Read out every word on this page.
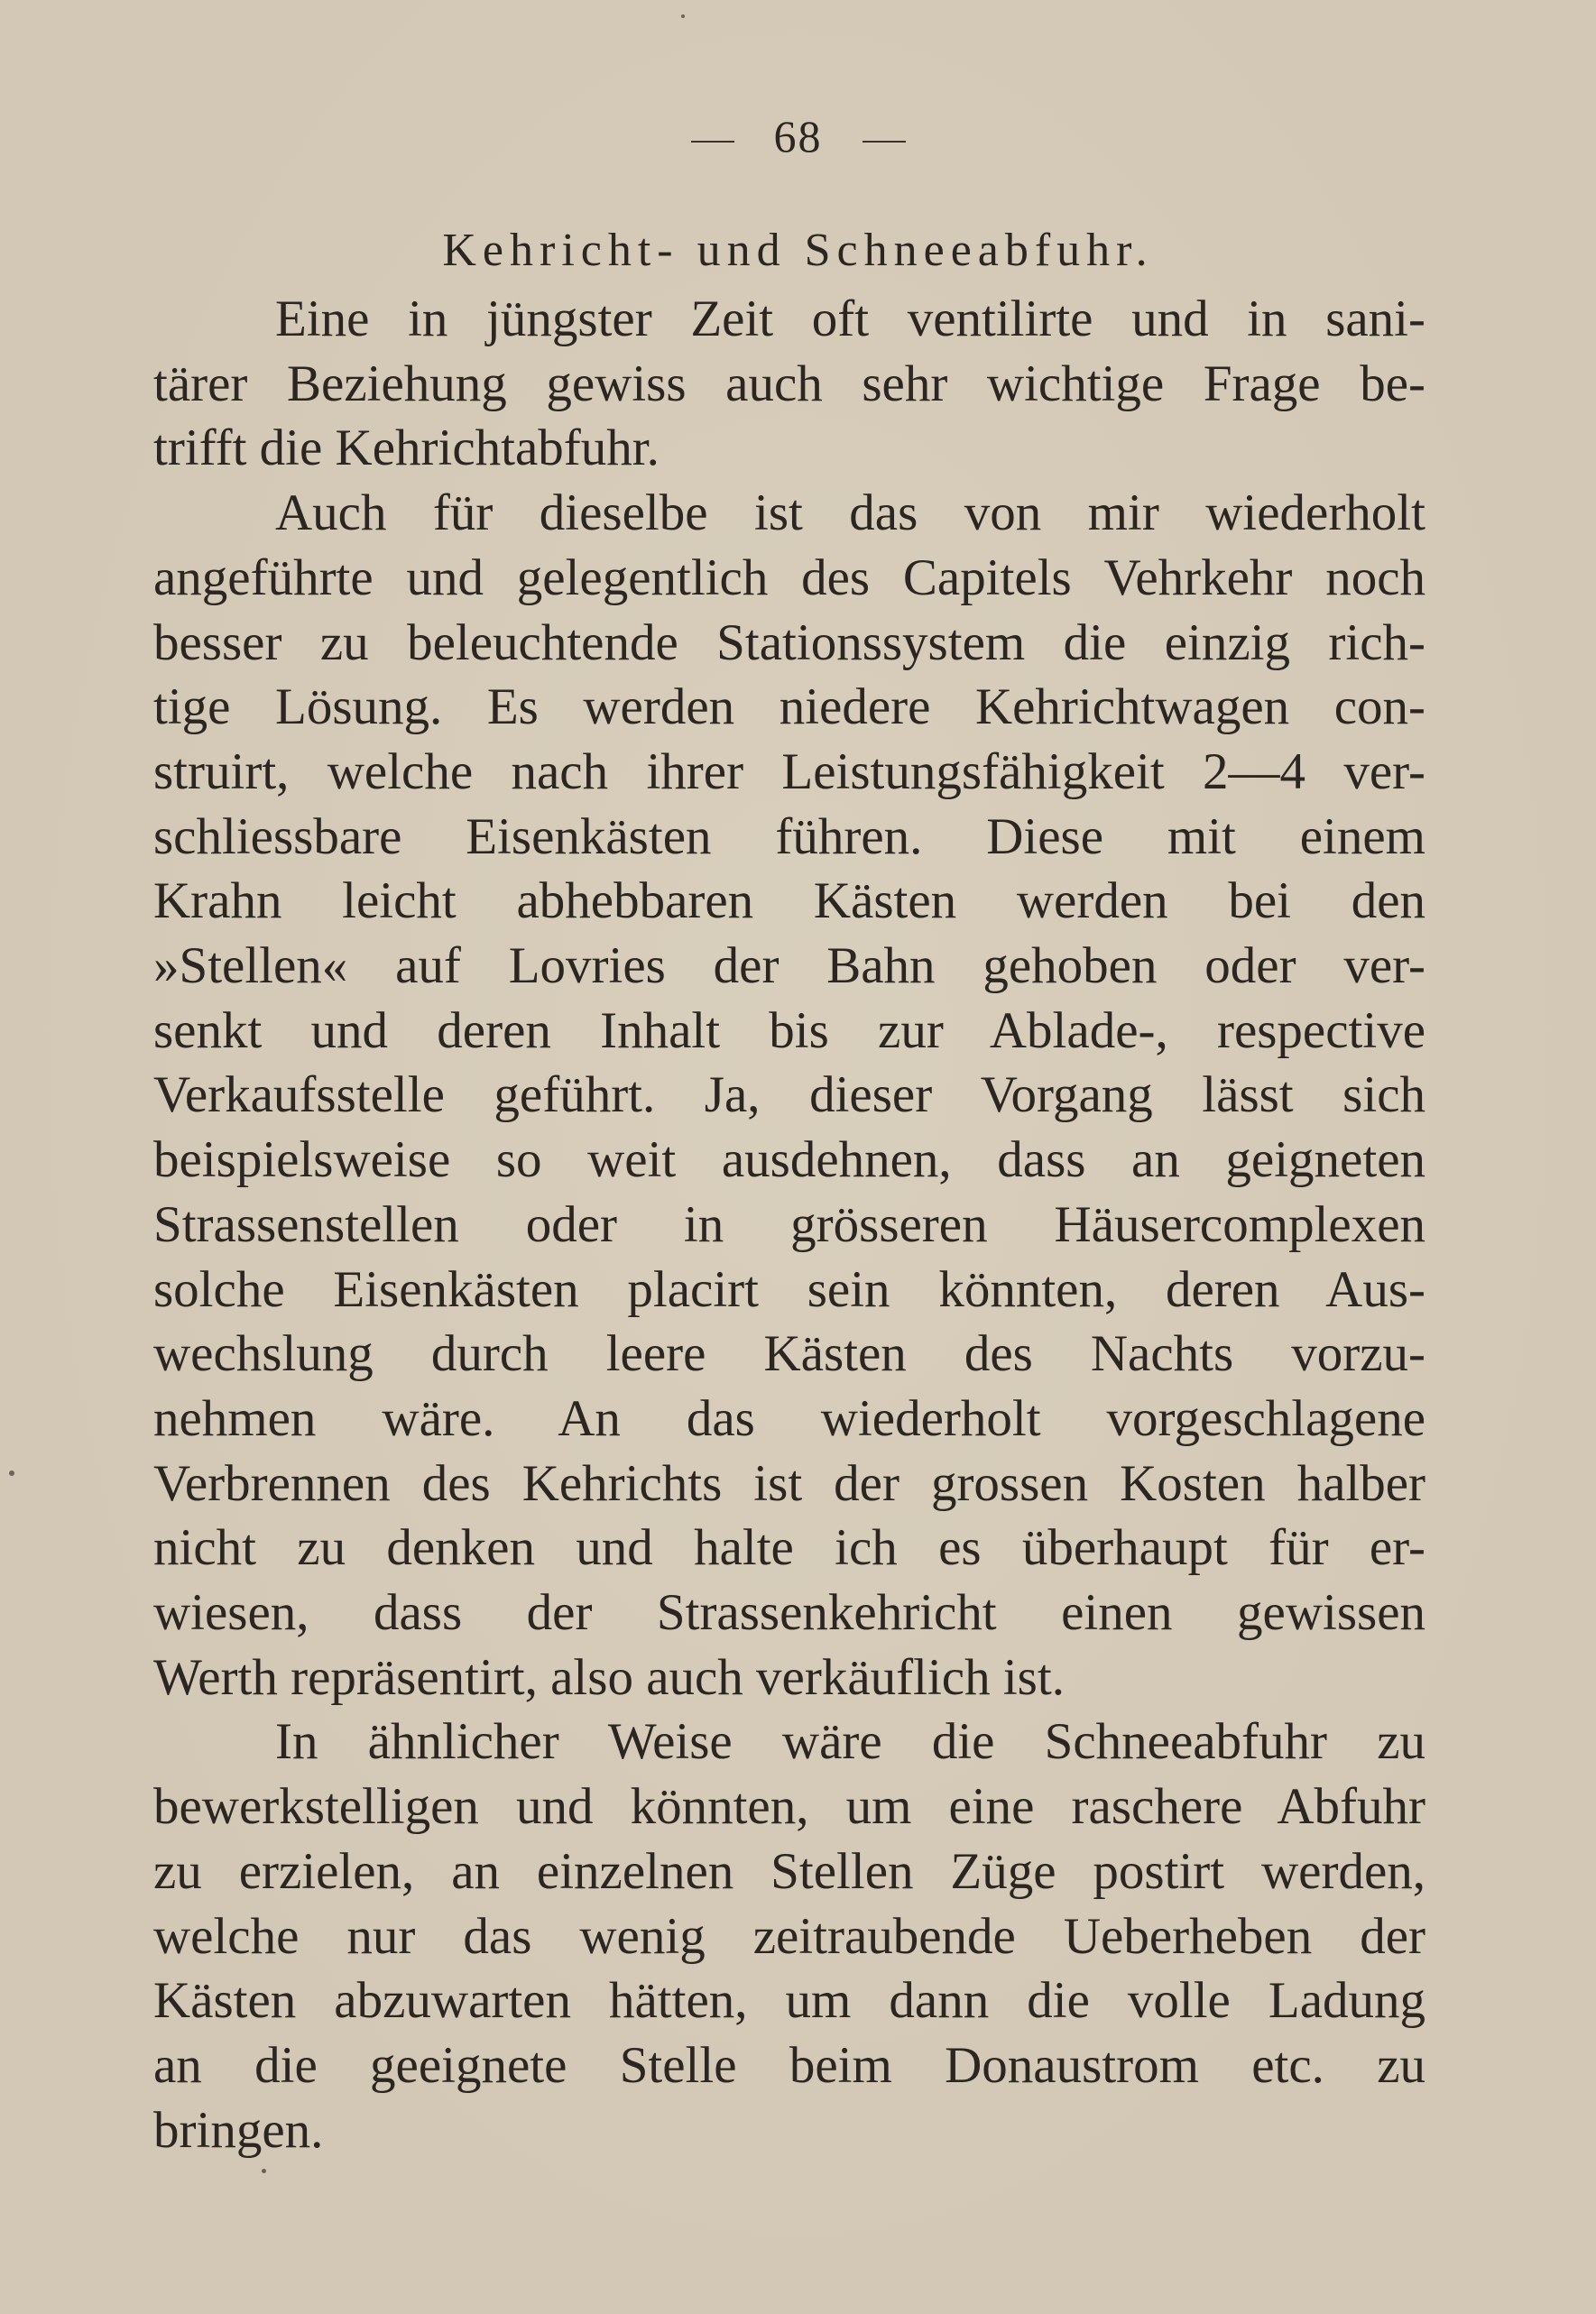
68
Kehricht- und Schneeabfuhr.
Eine in jüngster Zeit oft ventilirte und in sani-
tärer Beziehung gewiss auch sehr wichtige Frage be-
trifft die Kehrichtabfuhr.
Auch für dieselbe ist das von mir wiederholt
angeführte und gelegentlich des Capitels Vehrkehr noch
besser zu beleuchtende Stationssystem die einzig rich-
tige Lösung. Es werden niedere Kehrichtwagen con-
struirt, welche nach ihrer Leistungsfähigkeit 2—4 ver-
schliessbare Eisenkästen führen. Diese mit einem
Krahn leicht abhebbaren Kästen werden bei den
»Stellen« auf Lovries der Bahn gehoben oder ver-
senkt und deren Inhalt bis zur Ablade-, respective
Verkaufsstelle geführt. Ja, dieser Vorgang lässt sich
beispielsweise so weit ausdehnen, dass an geigneten
Strassenstellen oder in grösseren Häusercomplexen
solche Eisenkästen placirt sein könnten, deren Aus-
wechslung durch leere Kästen des Nachts vorzu-
nehmen wäre. An das wiederholt vorgeschlagene
Verbrennen des Kehrichts ist der grossen Kosten halber
nicht zu denken und halte ich es überhaupt für er-
wiesen, dass der Strassenkehricht einen gewissen
Werth repräsentirt, also auch verkäuflich ist.
In ähnlicher Weise wäre die Schneeabfuhr zu
bewerkstelligen und könnten, um eine raschere Abfuhr
zu erzielen, an einzelnen Stellen Züge postirt werden,
welche nur das wenig zeitraubende Ueberheben der
Kästen abzuwarten hätten, um dann die volle Ladung
an die geeignete Stelle beim Donaustrom etc. zu
bringen.
